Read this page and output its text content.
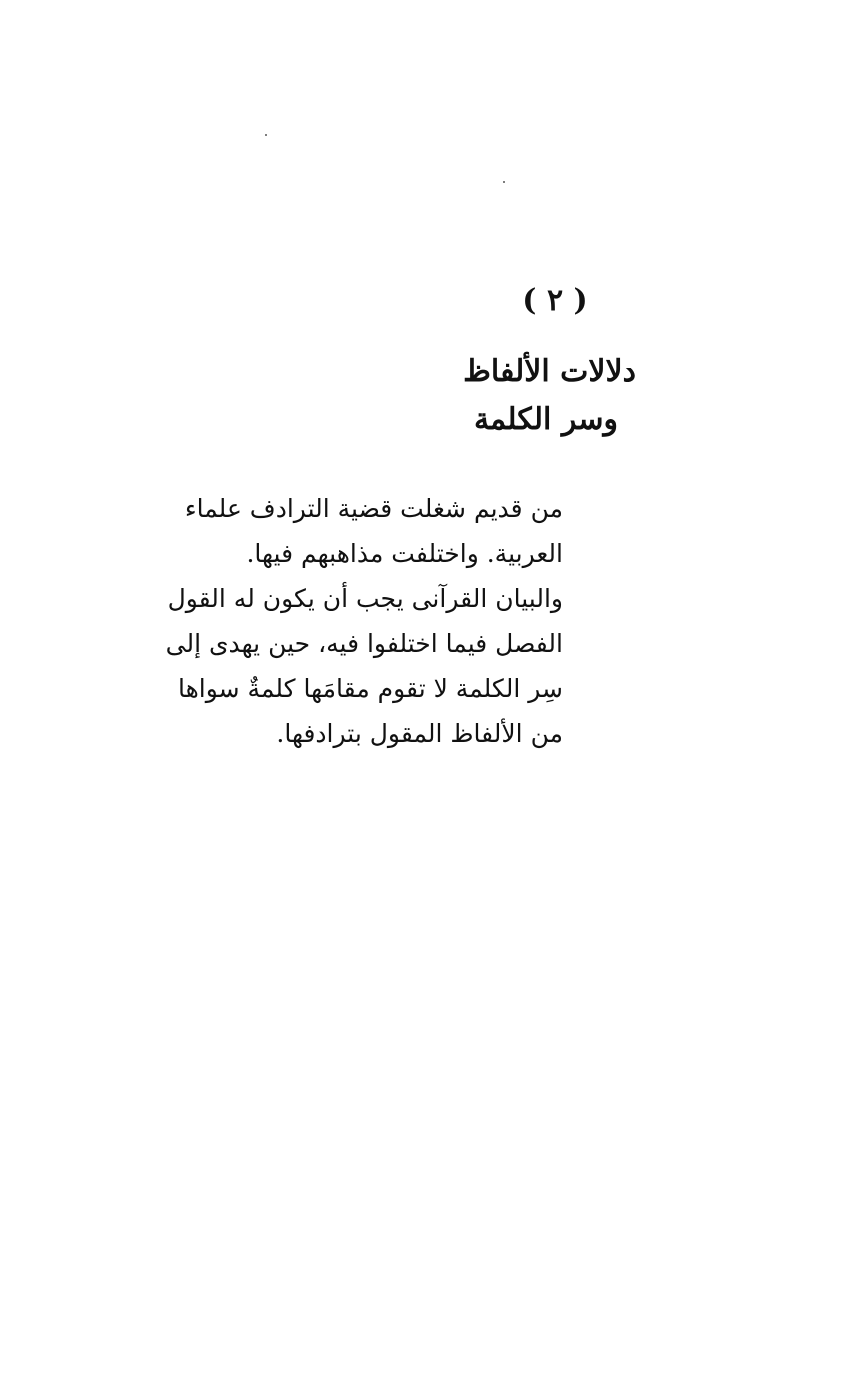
( ٢ )
دلالات الألفاظ
وسر الكلمة
من قديم شغلت قضية الترادف علماء
العربية. واختلفت مذاهبهم فيها.
والبيان القرآنى يجب أن يكون له القول
الفصل فيما اختلفوا فيه، حين يهدى إلى
سِر الكلمة لا تقوم مقامَها كلمةٌ سواها
من الألفاظ المقول بترادفها.
